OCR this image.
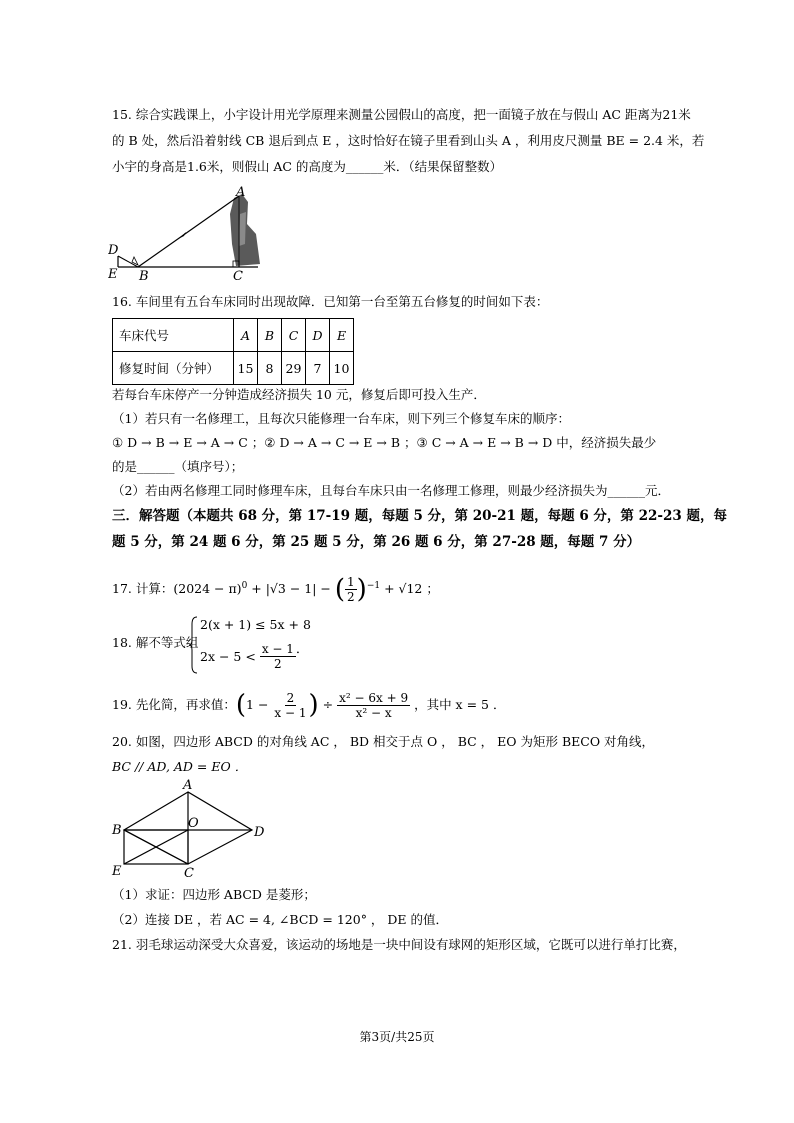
15. 综合实践课上，小宇设计用光学原理来测量公园假山的高度，把一面镜子放在与假山 AC 距离为21米
的 B 处，然后沿着射线 CB 退后到点 E ，这时恰好在镜子里看到山头 A ，利用皮尺测量 BE = 2.4 米，若
小宇的身高是1.6米，则假山 AC 的高度为______米．（结果保留整数）
A
D
E B	C
16. 车间里有五台车床同时出现故障．已知第一台至第五台修复的时间如下表：
车床代号	A	B	C	D	E
修复时间（分钟）	15	8	29	7	10
若每台车床停产一分钟造成经济损失 10 元，修复后即可投入生产．
（1）若只有一名修理工，且每次只能修理一台车床，则下列三个修复车床的顺序：
① D → B → E → A → C ；② D → A → C → E → B ；③ C → A → E → B → D 中，经济损失最少
的是______（填序号）；
（2）若由两名修理工同时修理车床，且每台车床只由一名修理工修理，则最少经济损失为______元．
三．解答题（本题共 68 分，第 17-19 题，每题 5 分，第 20-21 题，每题 6 分，第 22-23 题，每
题 5 分，第 24 题 6 分，第 25 题 5 分，第 26 题 6 分，第 27-28 题，每题 7 分）
17. 计算：$(2024 - \pi)^0 + |√3 - 1|$ − ( $\frac{1}{2} )^{-1} + √12$ ；
18. 解不等式组
2(x + 1) ≤ 5x + 8
2x − 5 <
$\frac{x - 1}{2}$ ．
19. 先化简，再求值： ( 1 −
$\frac{2}{x - 1}$ )
÷
$\frac{\text{x² − 6x + 9}}{\text{x² − x}}$
，其中 x = 5 ．
20. 如图，四边形 ABCD 的对角线 AC ， BD 相交于点 O ， BC ， EO 为矩形 BECO 对角线，
BC // AD, AD = EO ．
A
B	O
D
E	C
（1）求证：四边形 ABCD 是菱形；
（2）连接 DE ，若 AC = 4, ∠BCD = 120° ， DE 的值．
21. 羽毛球运动深受大众喜爱，该运动的场地是一块中间设有球网的矩形区域，它既可以进行单打比赛，
第3页/共25页
